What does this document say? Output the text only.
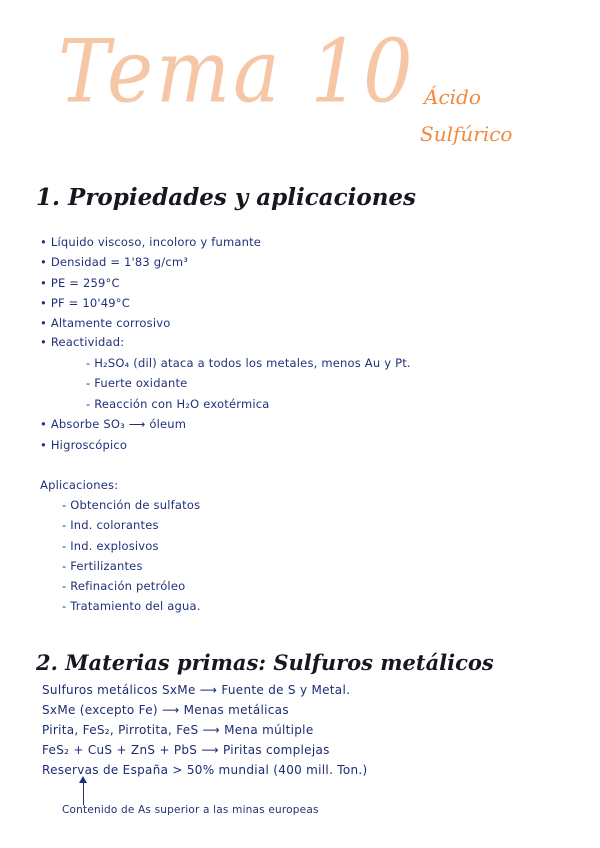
Tema 10 Ácido
Sulfúrico
1. Propiedades y aplicaciones
• Líquido viscoso, incoloro y fumante
• Densidad = 1'83 g/cm³
• PE = 259°C
• PF = 10'49°C
• Altamente corrosivo
• Reactividad:
- H₂SO₄ (dil) ataca a todos los metales, menos Au y Pt.
- Fuerte oxidante
- Reacción con H₂O exotérmica
• Absorbe SO₃ ⟶ óleum
• Higroscópico
Aplicaciones:
- Obtención de sulfatos
- Ind. colorantes
- Ind. explosivos
- Fertilizantes
- Refinación petróleo
- Tratamiento del agua.
2. Materias primas: Sulfuros metálicos
Sulfuros metálicos SxMe ⟶ Fuente de S y Metal.
SxMe (excepto Fe) ⟶ Menas metálicas
Pirita, FeS₂, Pirrotita, FeS ⟶ Mena múltiple
FeS₂ + CuS + ZnS + PbS ⟶ Piritas complejas
Reservas de España > 50% mundial (400 mill. Ton.)
Contenido de As superior a las minas europeas
